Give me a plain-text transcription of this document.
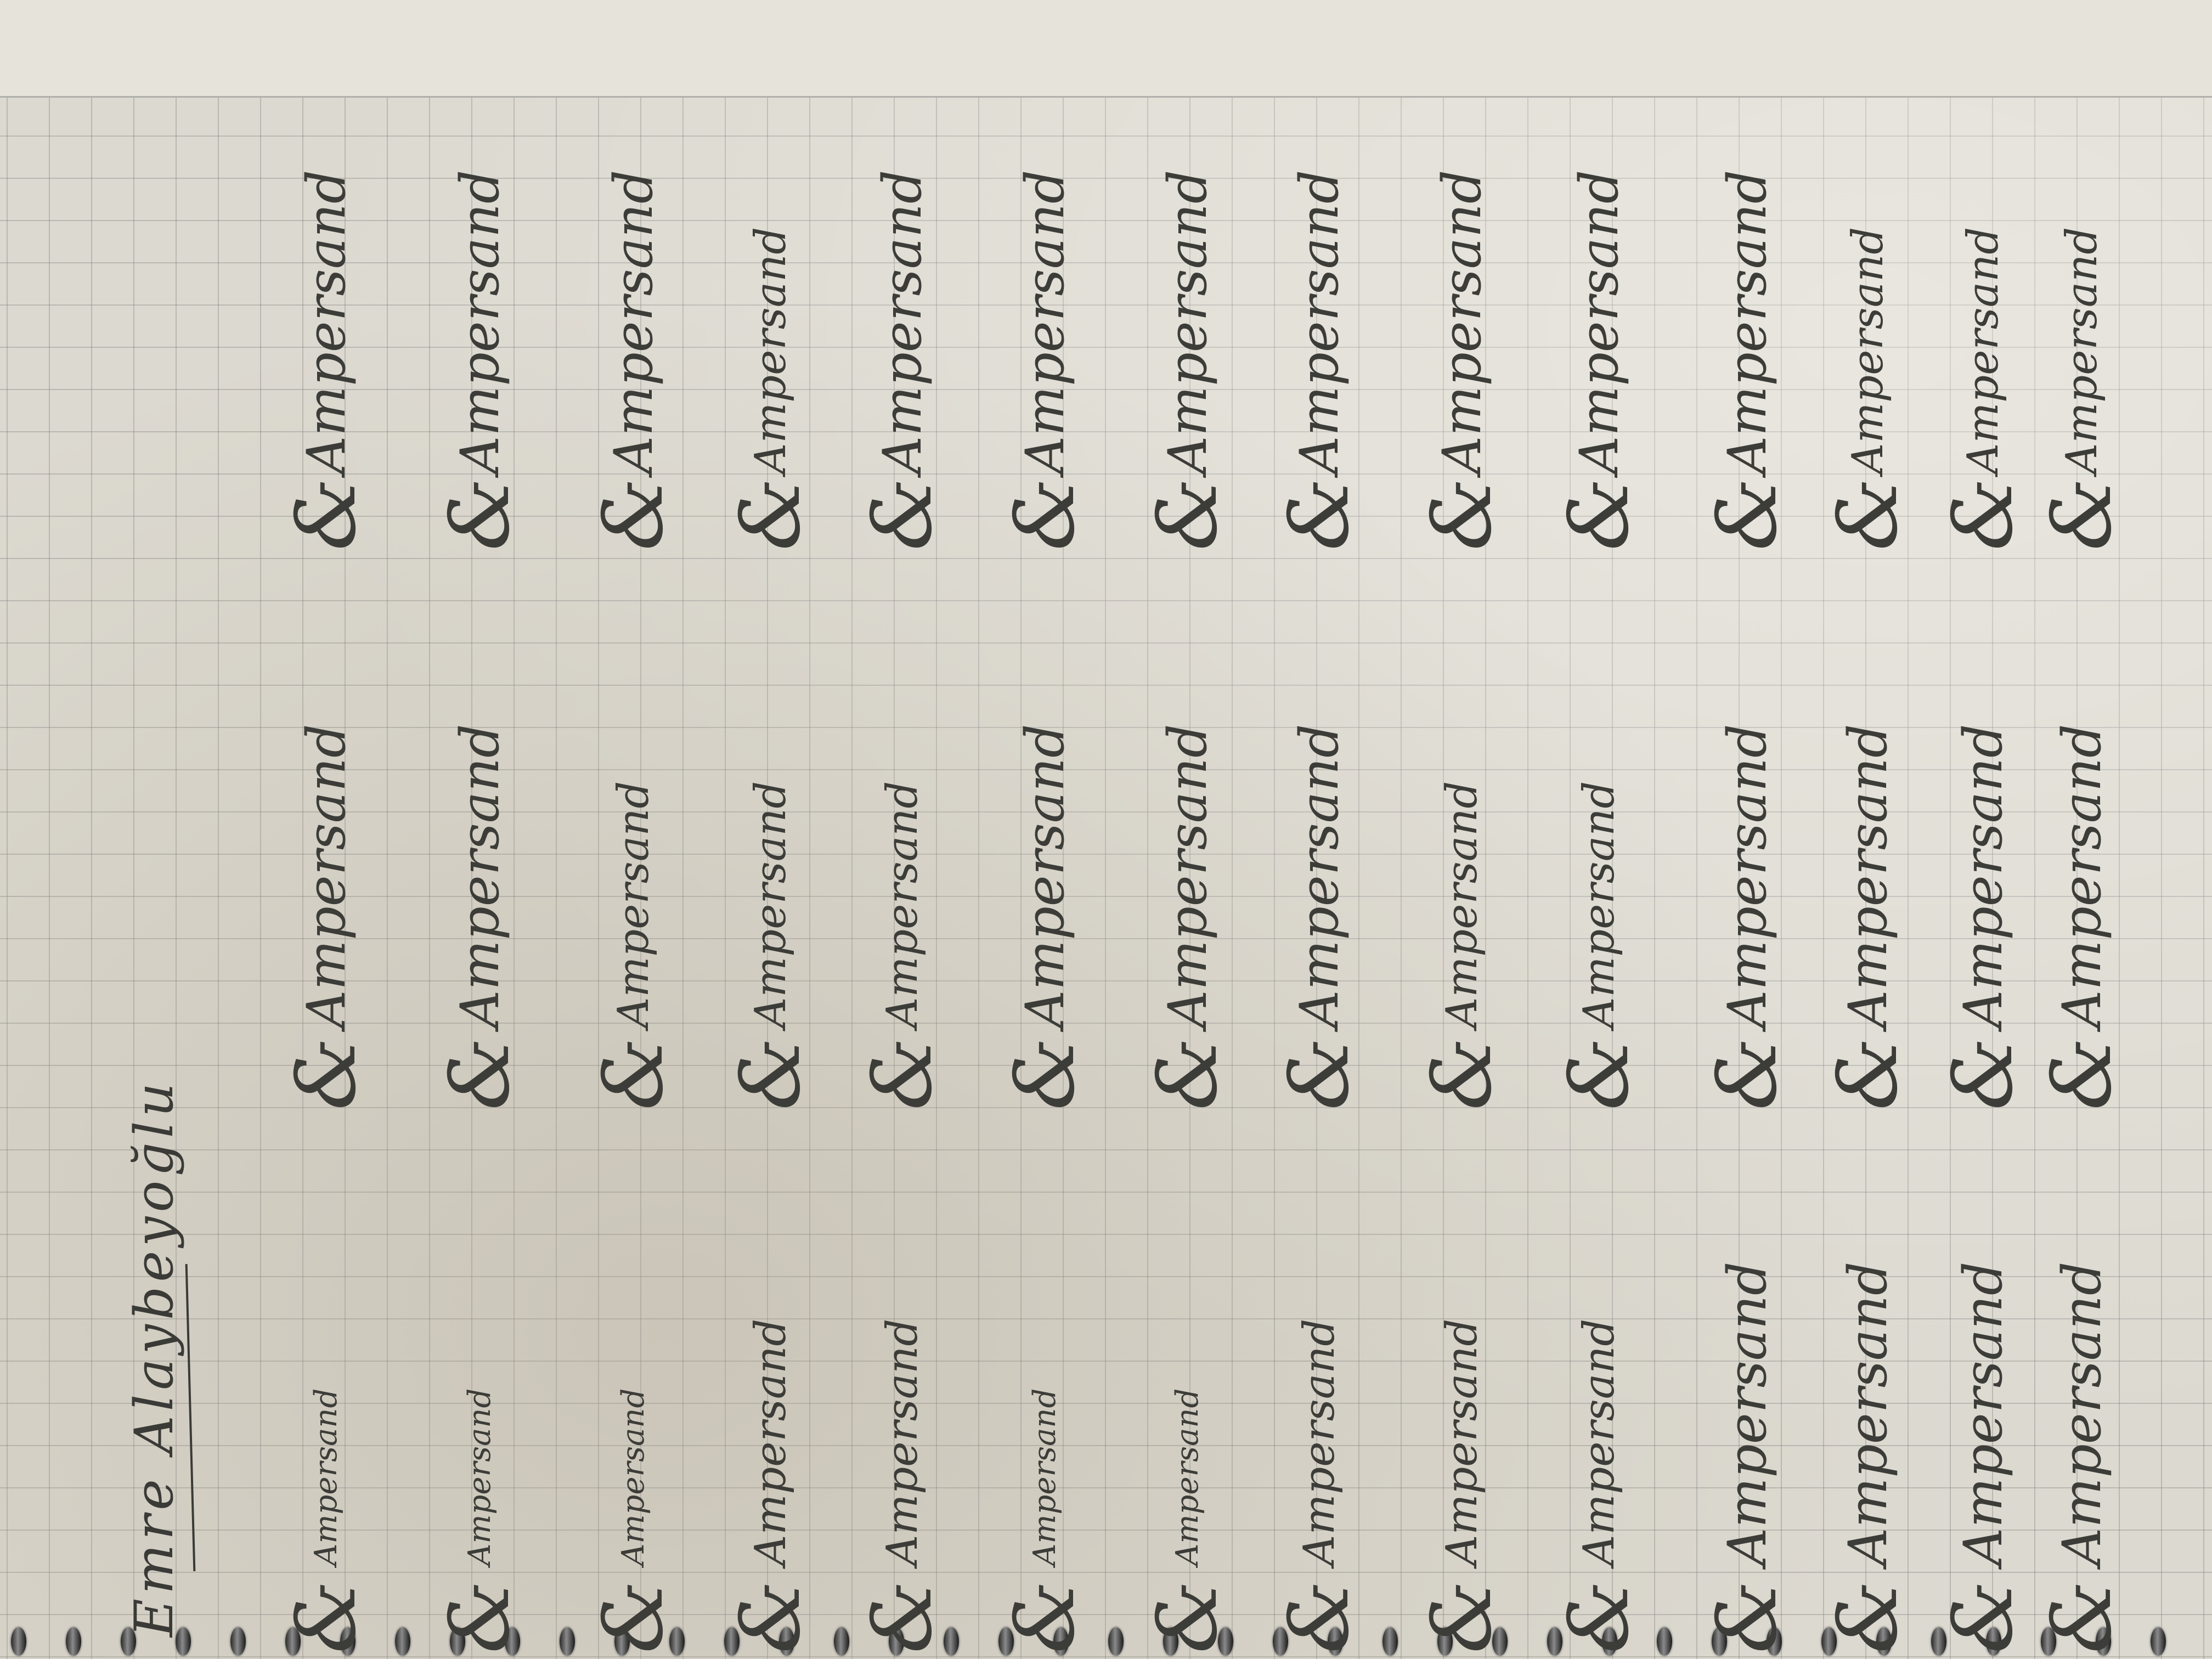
Emre Alaybeyoğlu &
Ampersand
&
Ampersand
&
Ampersand
&
Ampersand
&
Ampersand
&
Ampersand
&
Ampersand
&
Ampersand
&
Ampersand
&
Ampersand
&
Ampersand
&
Ampersand
&
Ampersand
&
Ampersand
&
Ampersand
&
Ampersand
&
Ampersand
&
Ampersand
&
Ampersand
&
Ampersand
&
Ampersand
&
Ampersand
&
Ampersand
&
Ampersand
&
Ampersand
&
Ampersand
&
Ampersand
&
Ampersand
&
Ampersand
&
Ampersand
&
Ampersand
&
Ampersand
&
Ampersand
&
Ampersand
&
Ampersand
&
Ampersand
&
Ampersand
&
Ampersand
&
Ampersand
&
Ampersand
&
Ampersand
&
Ampersand
